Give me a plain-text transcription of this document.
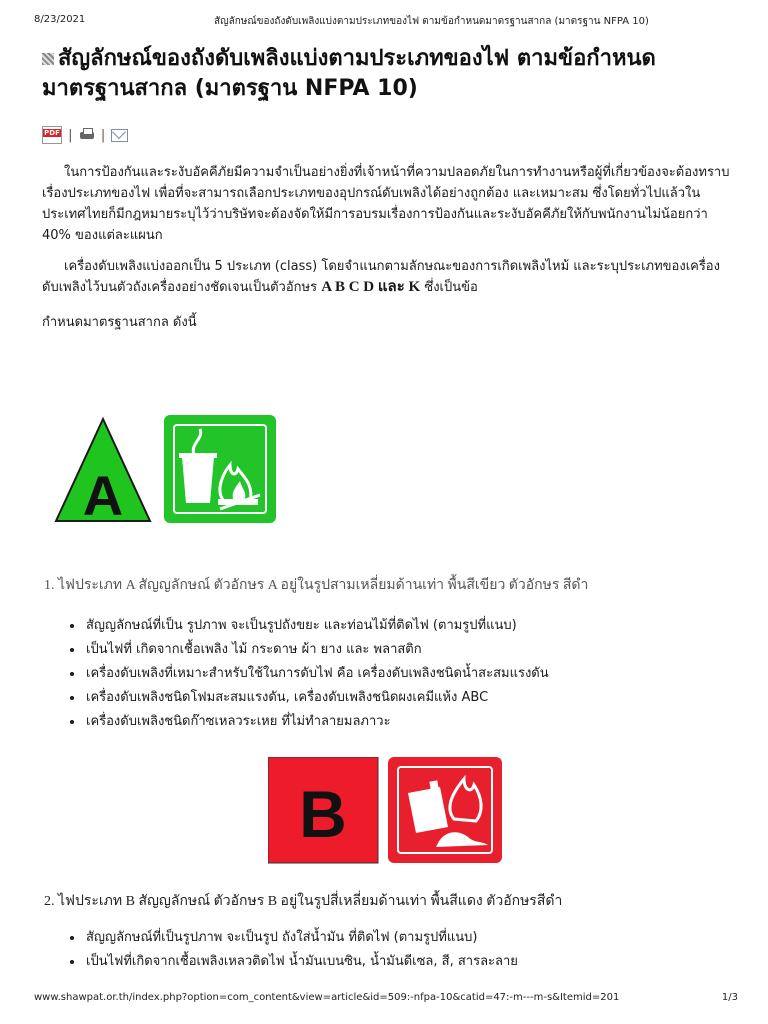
8/23/2021	สัญลักษณ์ของถังดับเพลิงแบ่งตามประเภทของไฟ ตามข้อกำหนดมาตรฐานสากล (มาตรฐาน NFPA 10)
สัญลักษณ์ของถังดับเพลิงแบ่งตามประเภทของไฟ ตามข้อกำหนดมาตรฐานสากล (มาตรฐาน NFPA 10)
PDF | |

ในการป้องกันและระงับอัคคีภัยมีความจำเป็นอย่างยิ่งที่เจ้าหน้าที่ความปลอดภัยในการทำงานหรือผู้ที่เกี่ยวข้องจะต้องทราบเรื่องประเภทของไฟ เพื่อที่จะสามารถเลือกประเภทของอุปกรณ์ดับเพลิงได้อย่างถูกต้อง และเหมาะสม ซึ่งโดยทั่วไปแล้วในประเทศไทยก็มีกฎหมายระบุไว้ว่าบริษัทจะต้องจัดให้มีการอบรมเรื่องการป้องกันและระงับอัคคีภัยให้กับพนักงานไม่น้อยกว่า 40% ของแต่ละแผนก

เครื่องดับเพลิงแบ่งออกเป็น 5 ประเภท (class) โดยจำแนกตามลักษณะของการเกิดเพลิงไหม้ และระบุประเภทของเครื่องดับเพลิงไว้บนตัวถังเครื่องอย่างชัดเจนเป็นตัวอักษร A B C D และ K ซึ่งเป็นข้อ

กำหนดมาตรฐานสากล ดังนี้

A

1. ไฟประเภท A สัญญลักษณ์ ตัวอักษร A อยู่ในรูปสามเหลี่ยมด้านเท่า พื้นสีเขียว ตัวอักษร สีดำ

• สัญญลักษณ์ที่เป็น รูปภาพ จะเป็นรูปถังขยะ และท่อนไม้ที่ติดไฟ (ตามรูปที่แนบ)
• เป็นไฟที่ เกิดจากเชื้อเพลิง ไม้ กระดาษ ผ้า ยาง และ พลาสติก
• เครื่องดับเพลิงที่เหมาะสำหรับใช้ในการดับไฟ คือ เครื่องดับเพลิงชนิดน้ำสะสมแรงดัน
• เครื่องดับเพลิงชนิดโฟมสะสมแรงดัน, เครื่องดับเพลิงชนิดผงเคมีแห้ง ABC
• เครื่องดับเพลิงชนิดก๊าซเหลวระเหย ที่ไม่ทำลายมลภาวะ
B

2. ไฟประเภท B สัญญลักษณ์ ตัวอักษร B อยู่ในรูปสี่เหลี่ยมด้านเท่า พื้นสีแดง ตัวอักษรสีดำ

• สัญญลักษณ์ที่เป็นรูปภาพ จะเป็นรูป ถังใส่น้ำมัน ที่ติดไฟ (ตามรูปที่แนบ)
• เป็นไฟที่เกิดจากเชื้อเพลิงเหลวติดไฟ น้ำมันเบนซิน, น้ำมันดีเซล, สี, สารละลาย
www.shawpat.or.th/index.php?option=com_content&view=article&id=509:-nfpa-10&catid=47:-m---m-s&Itemid=201	1/3
